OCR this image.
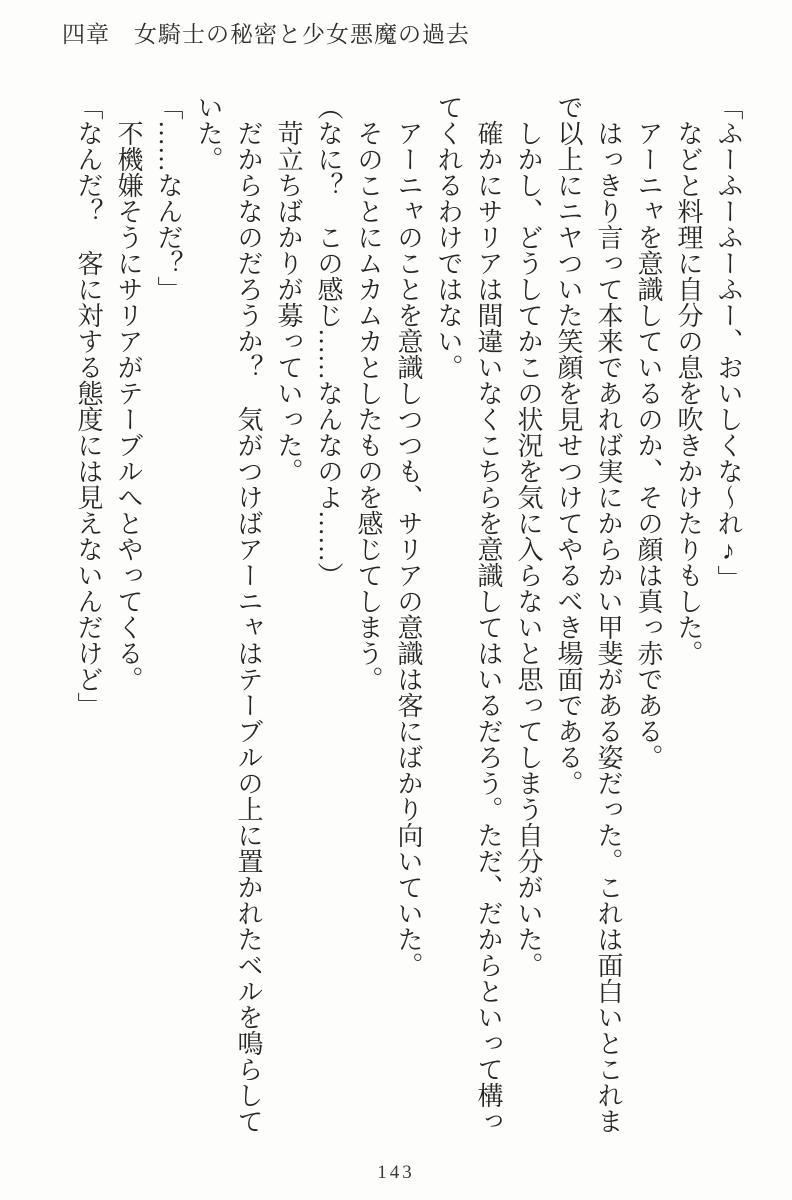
四章　女騎士の秘密と少女悪魔の過去
「ふーふーふーふー、おいしくな～れ♪」
　などと料理に自分の息を吹きかけたりもした。
　アーニャを意識しているのか、その顔は真っ赤である。
　はっきり言って本来であれば実にからかい甲斐がある姿だった。これは面白いとこれま
で以上にニヤついた笑顔を見せつけてやるべき場面である。
　しかし、どうしてかこの状況を気に入らないと思ってしまう自分がいた。
　確かにサリアは間違いなくこちらを意識してはいるだろう。ただ、だからといって構っ
てくれるわけではない。
　アーニャのことを意識しつつも、サリアの意識は客にばかり向いていた。
　そのことにムカムカとしたものを感じてしまう。
（なに？　この感じ……なんなのよ……）
　苛立ちばかりが募っていった。
　だからなのだろうか？　気がつけばアーニャはテーブルの上に置かれたベルを鳴らして
いた。
「……なんだ？」
　不機嫌そうにサリアがテーブルへとやってくる。
「なんだ？　客に対する態度には見えないんだけど」
143
